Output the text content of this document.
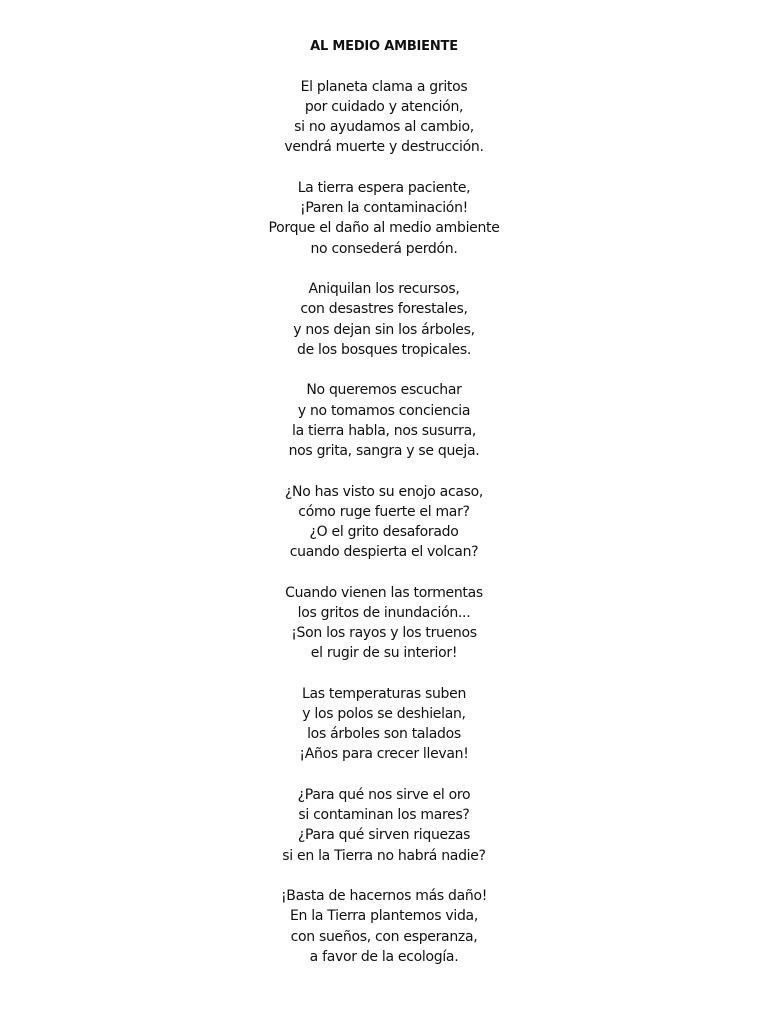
AL MEDIO AMBIENTE
El planeta clama a gritos
por cuidado y atención,
si no ayudamos al cambio,
vendrá muerte y destrucción.
La tierra espera paciente,
¡Paren la contaminación!
Porque el daño al medio ambiente
no consederá perdón.
Aniquilan los recursos,
con desastres forestales,
y nos dejan sin los árboles,
de los bosques tropicales.
No queremos escuchar
y no tomamos conciencia
la tierra habla, nos susurra,
nos grita, sangra y se queja.
¿No has visto su enojo acaso,
cómo ruge fuerte el mar?
¿O el grito desaforado
cuando despierta el volcan?
Cuando vienen las tormentas
los gritos de inundación...
¡Son los rayos y los truenos
el rugir de su interior!
Las temperaturas suben
y los polos se deshielan,
los árboles son talados
¡Años para crecer llevan!
¿Para qué nos sirve el oro
si contaminan los mares?
¿Para qué sirven riquezas
si en la Tierra no habrá nadie?
¡Basta de hacernos más daño!
En la Tierra plantemos vida,
con sueños, con esperanza,
a favor de la ecología.
